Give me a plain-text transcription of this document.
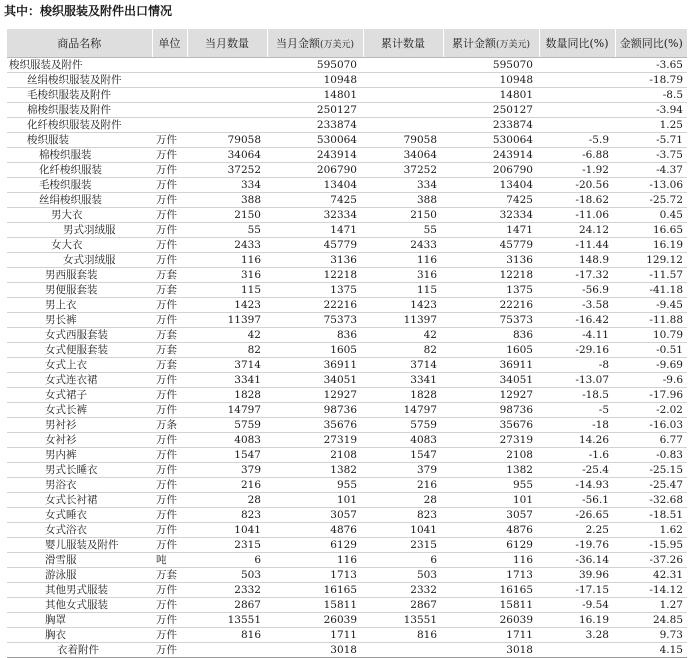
其中：梭织服装及附件出口情况
商品名称	单位	当月数量	当月金额(万美元)	累计数量	累计金额(万美元)	数量同比(%)	金额同比(%)
梭织服装及附件			595070		595070		-3.65
丝绢梭织服装及附件			10948		10948		-18.79
毛梭织服装及附件			14801		14801		-8.5
棉梭织服装及附件			250127		250127		-3.94
化纤梭织服装及附件			233874		233874		1.25
梭织服装	万件	79058	530064	79058	530064	-5.9	-5.71
棉梭织服装	万件	34064	243914	34064	243914	-6.88	-3.75
化纤梭织服装	万件	37252	206790	37252	206790	-1.92	-4.37
毛梭织服装	万件	334	13404	334	13404	-20.56	-13.06
丝绢梭织服装	万件	388	7425	388	7425	-18.62	-25.72
男大衣	万件	2150	32334	2150	32334	-11.06	0.45
男式羽绒服	万件	55	1471	55	1471	24.12	16.65
女大衣	万件	2433	45779	2433	45779	-11.44	16.19
女式羽绒服	万件	116	3136	116	3136	148.9	129.12
男西服套装	万套	316	12218	316	12218	-17.32	-11.57
男便服套装	万套	115	1375	115	1375	-56.9	-41.18
男上衣	万件	1423	22216	1423	22216	-3.58	-9.45
男长裤	万件	11397	75373	11397	75373	-16.42	-11.88
女式西服套装	万套	42	836	42	836	-4.11	10.79
女式便服套装	万套	82	1605	82	1605	-29.16	-0.51
女式上衣	万套	3714	36911	3714	36911	-8	-9.69
女式连衣裙	万件	3341	34051	3341	34051	-13.07	-9.6
女式裙子	万件	1828	12927	1828	12927	-18.5	-17.96
女式长裤	万件	14797	98736	14797	98736	-5	-2.02
男衬衫	万条	5759	35676	5759	35676	-18	-16.03
女衬衫	万件	4083	27319	4083	27319	14.26	6.77
男内裤	万件	1547	2108	1547	2108	-1.6	-0.83
男式长睡衣	万件	379	1382	379	1382	-25.4	-25.15
男浴衣	万件	216	955	216	955	-14.93	-25.47
女式长衬裙	万件	28	101	28	101	-56.1	-32.68
女式睡衣	万件	823	3057	823	3057	-26.65	-18.51
女式浴衣	万件	1041	4876	1041	4876	2.25	1.62
婴儿服装及附件	万件	2315	6129	2315	6129	-19.76	-15.95
滑雪服	吨	6	116	6	116	-36.14	-37.26
游泳服	万套	503	1713	503	1713	39.96	42.31
其他男式服装	万件	2332	16165	2332	16165	-17.15	-14.12
其他女式服装	万件	2867	15811	2867	15811	-9.54	1.27
胸罩	万件	13551	26039	13551	26039	16.19	24.85
胸衣	万件	816	1711	816	1711	3.28	9.73
衣着附件	万件		3018		3018		4.15
